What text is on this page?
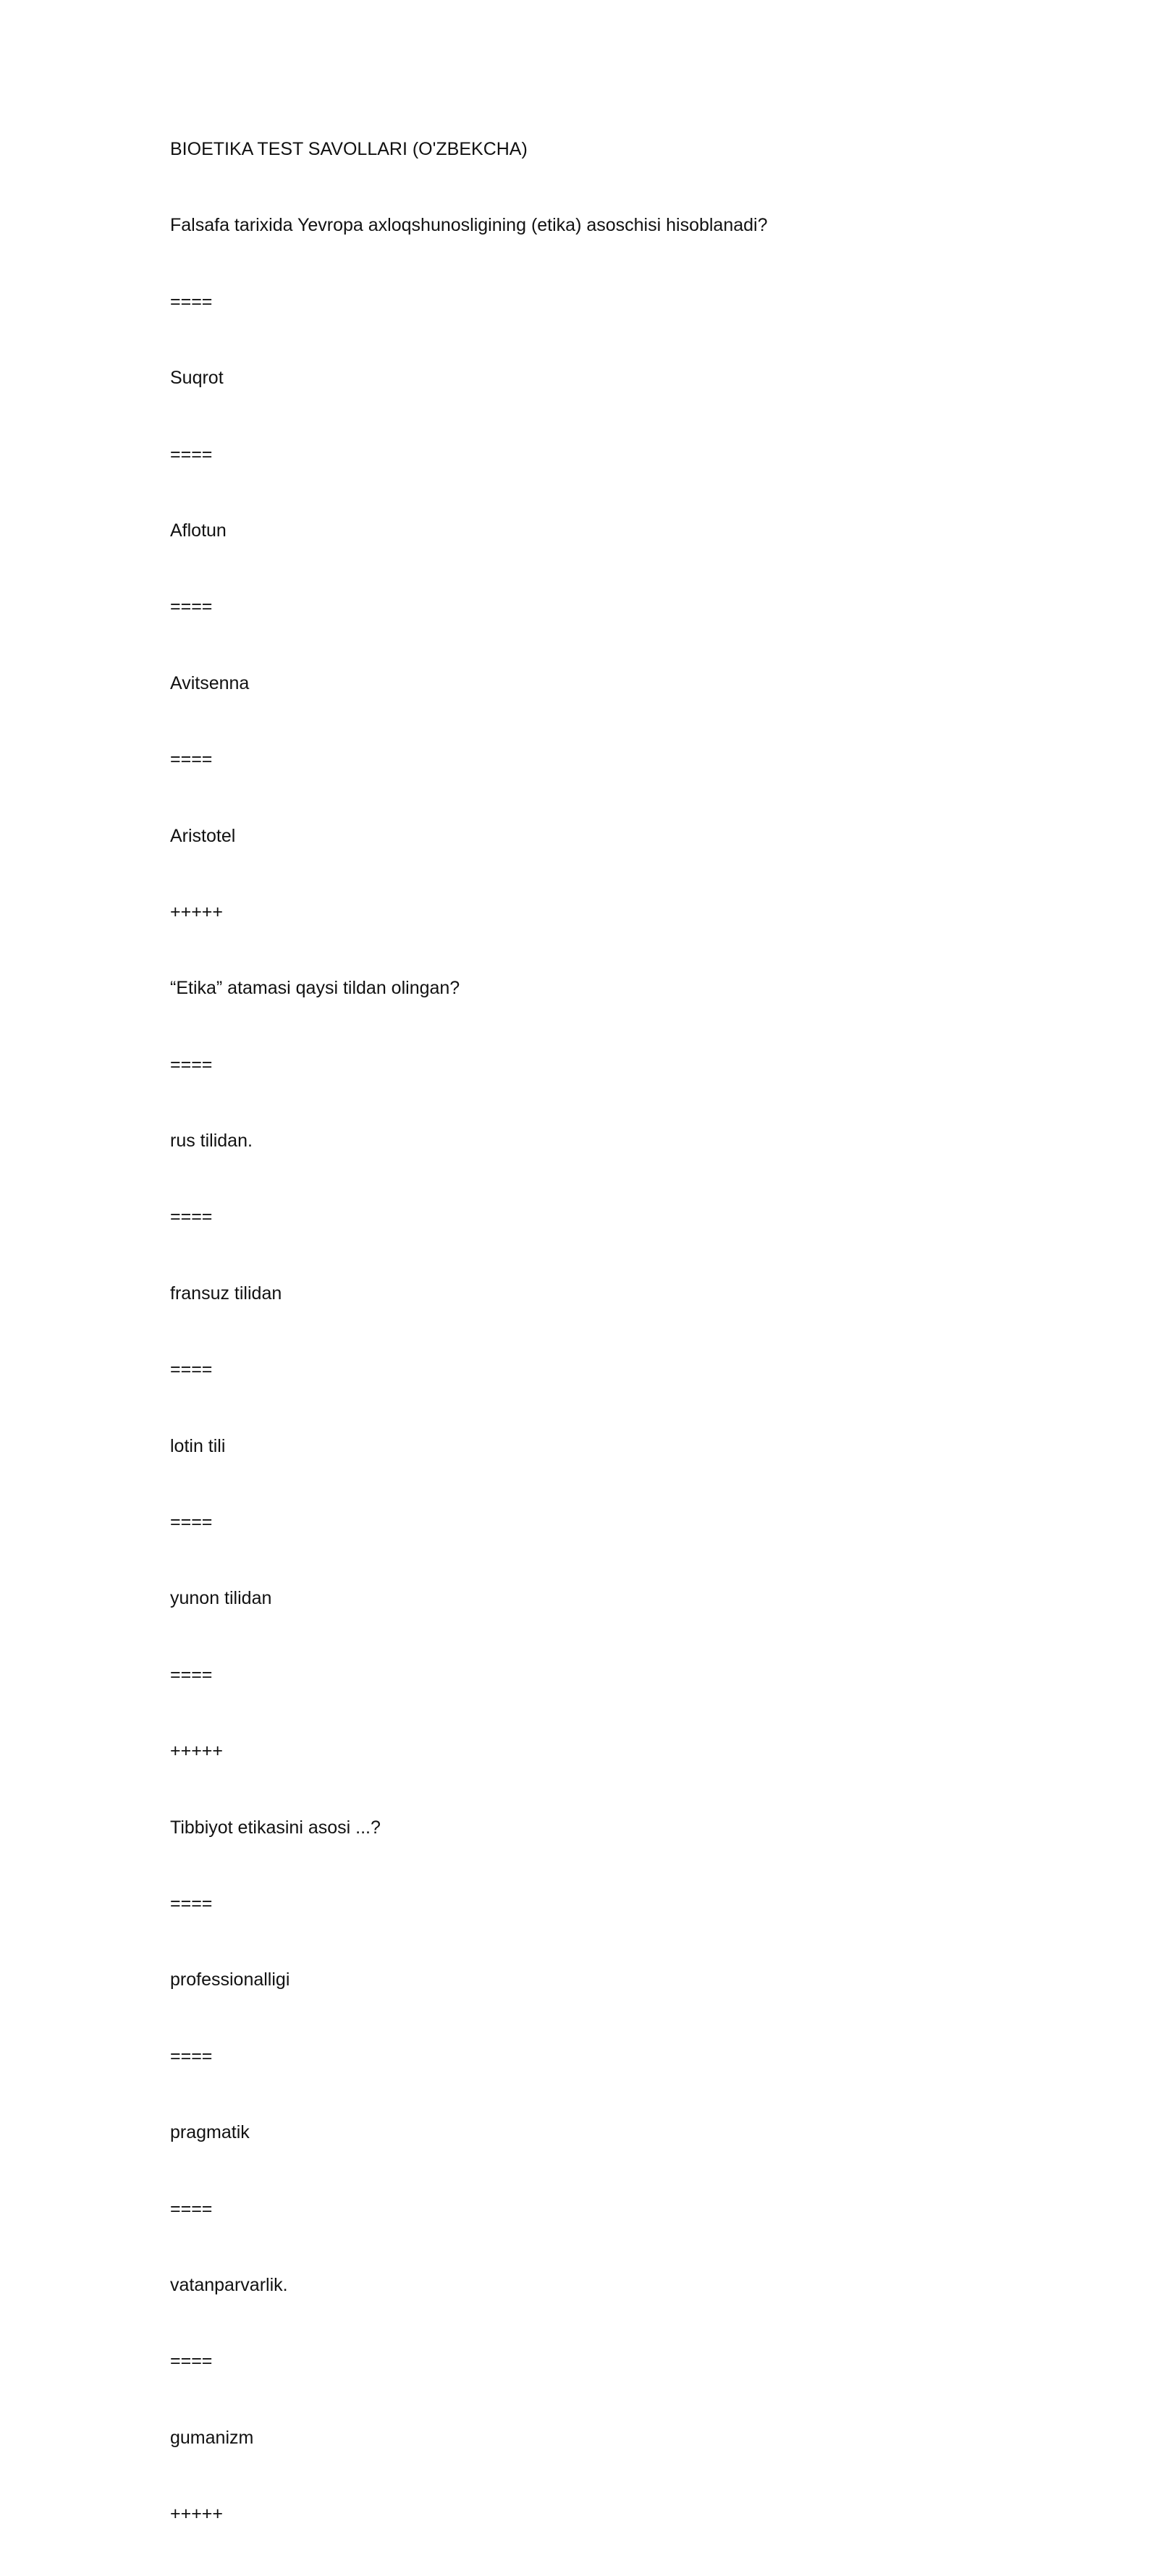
BIOETIKA TEST SAVOLLARI (O'ZBEKCHA)
Falsafa tarixida Yevropa axloqshunosligining (etika) asoschisi hisoblanadi?
====
Suqrot
====
Aflotun
====
Avitsenna
====
Aristotel
+++++
“Etika” atamasi qaysi tildan olingan?
====
rus tilidan.
====
fransuz tilidan
====
lotin tili
====
yunon tilidan
====
+++++
Tibbiyot etikasini asosi ...?
====
professionalligi
====
pragmatik
====
vatanparvarlik.
====
gumanizm
+++++
